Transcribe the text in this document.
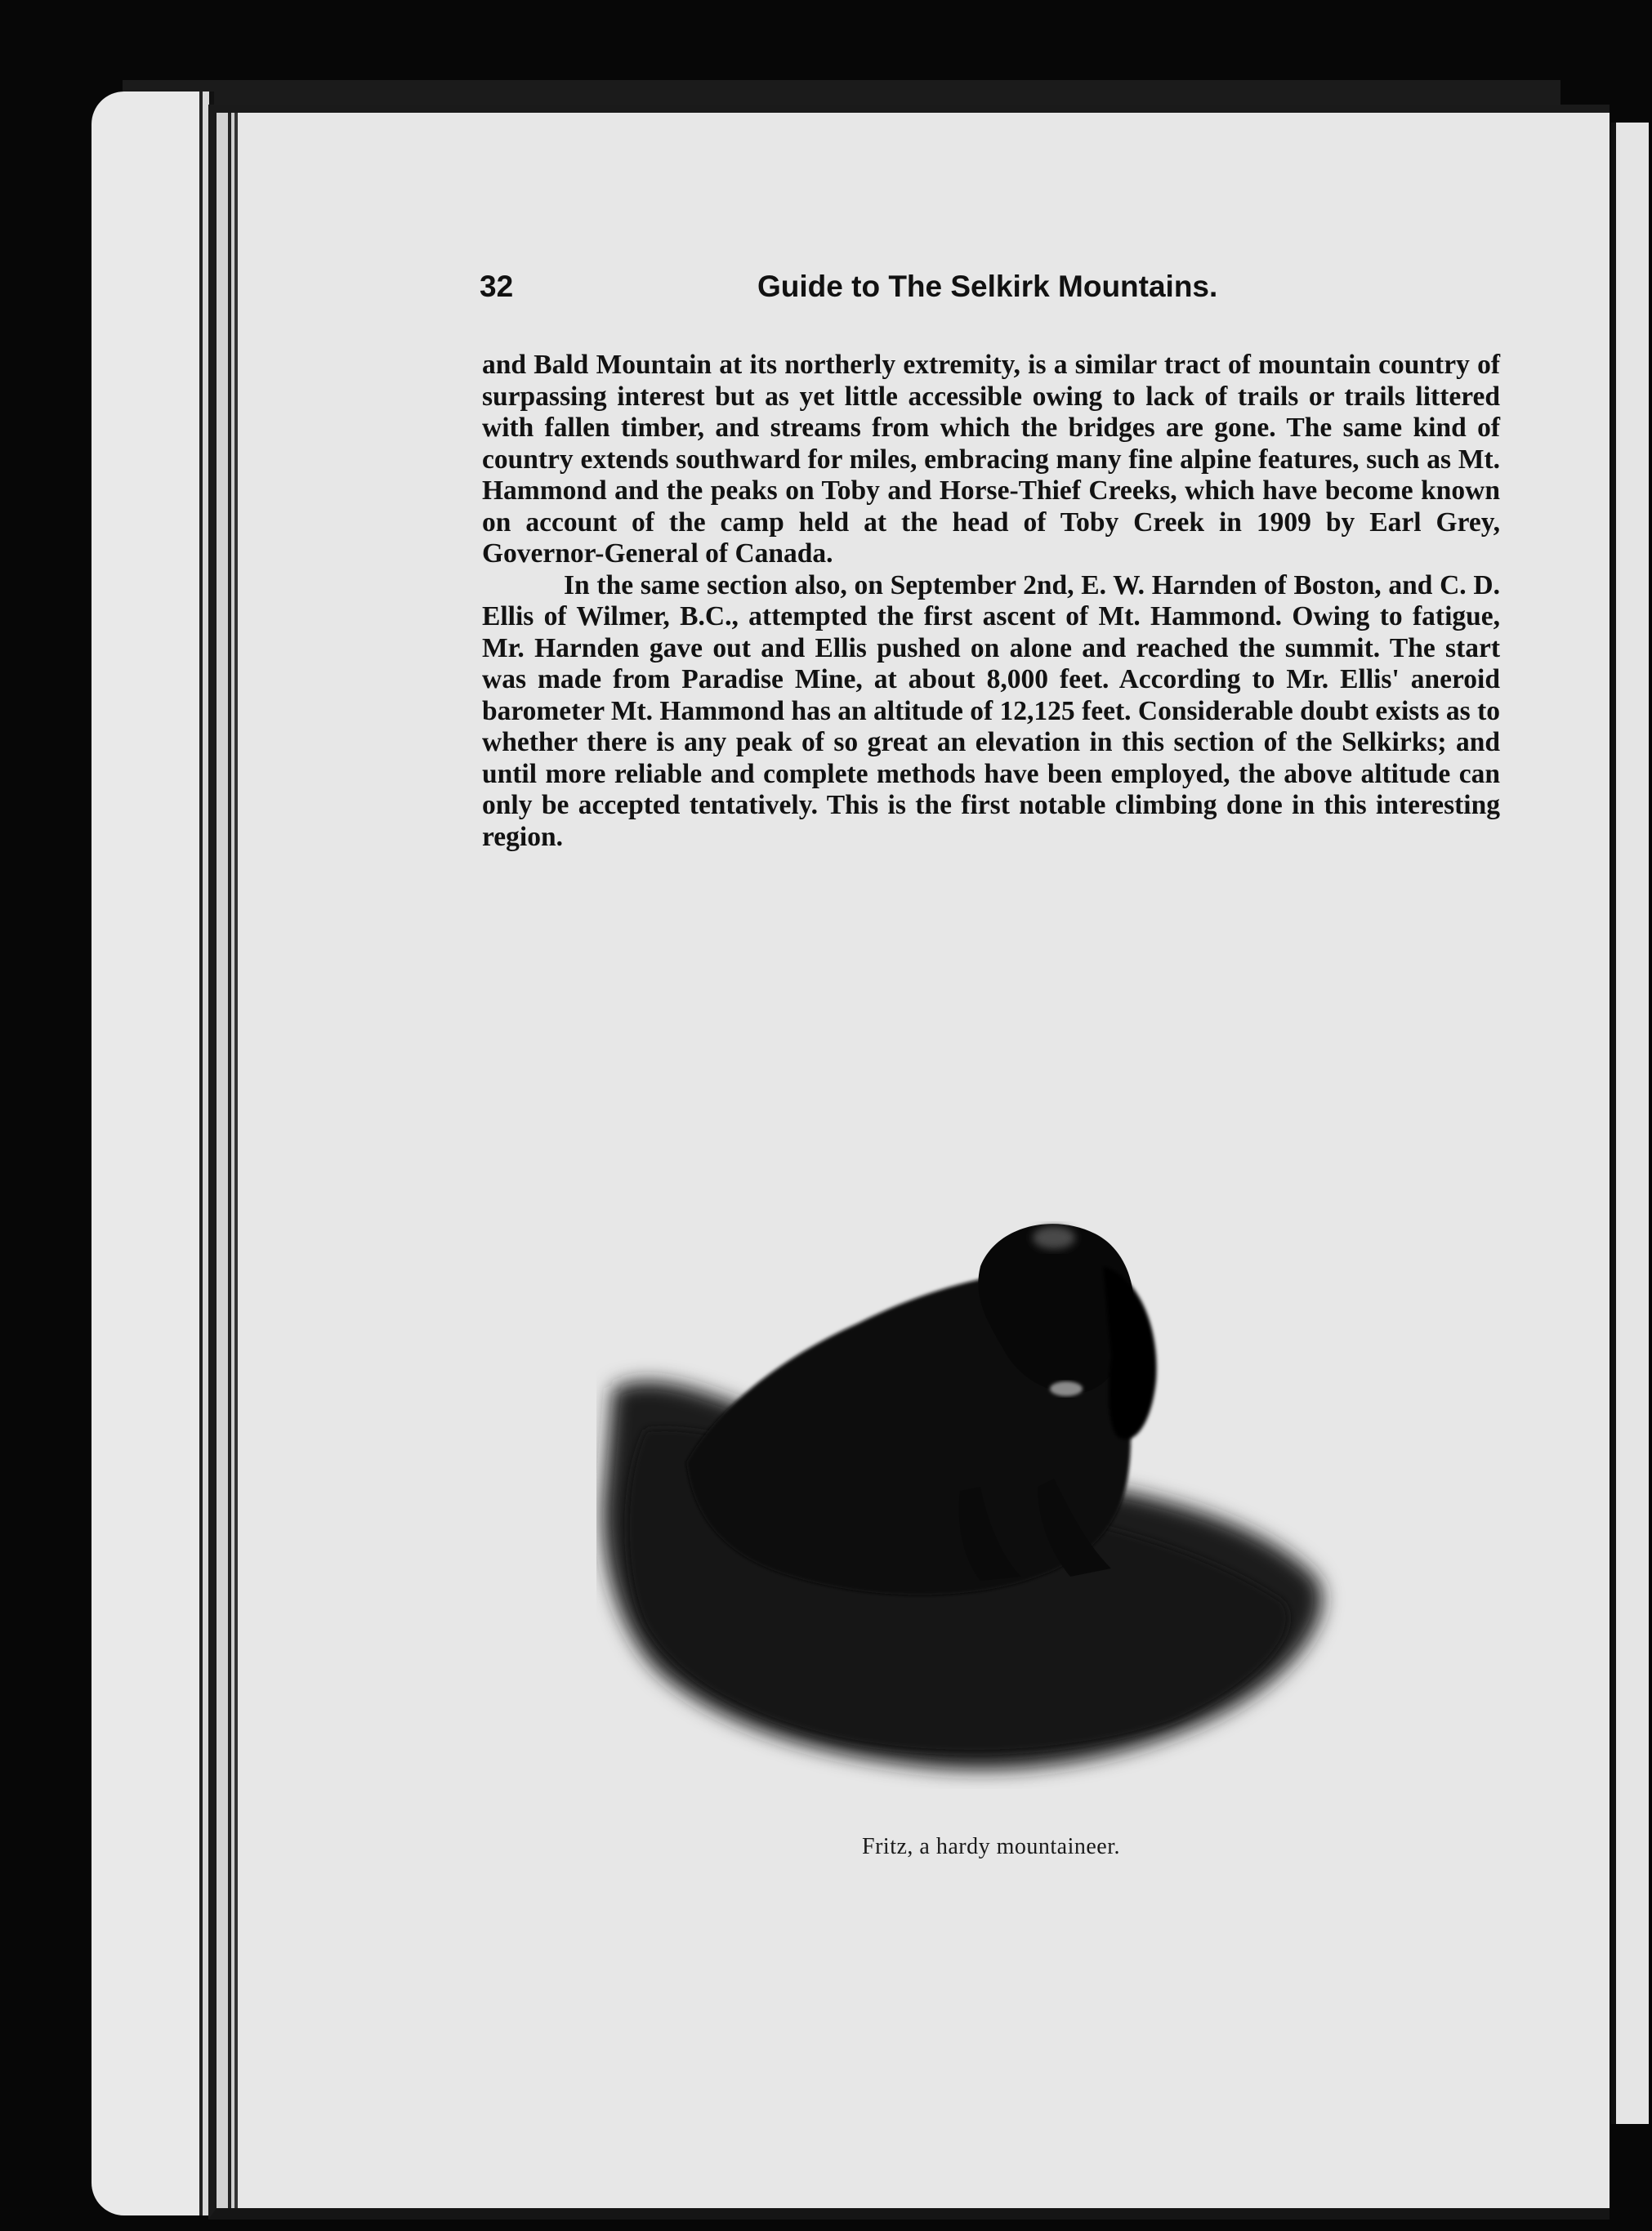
32	Guide to The Selkirk Mountains.

and Bald Mountain at its northerly extremity, is a similar tract of mountain country of surpassing interest but as yet little accessible owing to lack of trails or trails littered with fallen timber, and streams from which the bridges are gone. The same kind of country extends southward for miles, embracing many fine alpine features, such as Mt. Hammond and the peaks on Toby and Horse-Thief Creeks, which have become known on account of the camp held at the head of Toby Creek in 1909 by Earl Grey, Governor-General of Canada.

In the same section also, on September 2nd, E. W. Harnden of Boston, and C. D. Ellis of Wilmer, B.C., attempted the first ascent of Mt. Hammond. Owing to fatigue, Mr. Harnden gave out and Ellis pushed on alone and reached the summit. The start was made from Paradise Mine, at about 8,000 feet. According to Mr. Ellis' aneroid barometer Mt. Hammond has an altitude of 12,125 feet. Considerable doubt exists as to whether there is any peak of so great an elevation in this section of the Selkirks; and until more reliable and complete methods have been employed, the above altitude can only be accepted tentatively. This is the first notable climbing done in this interesting region.

Fritz, a hardy mountaineer.
